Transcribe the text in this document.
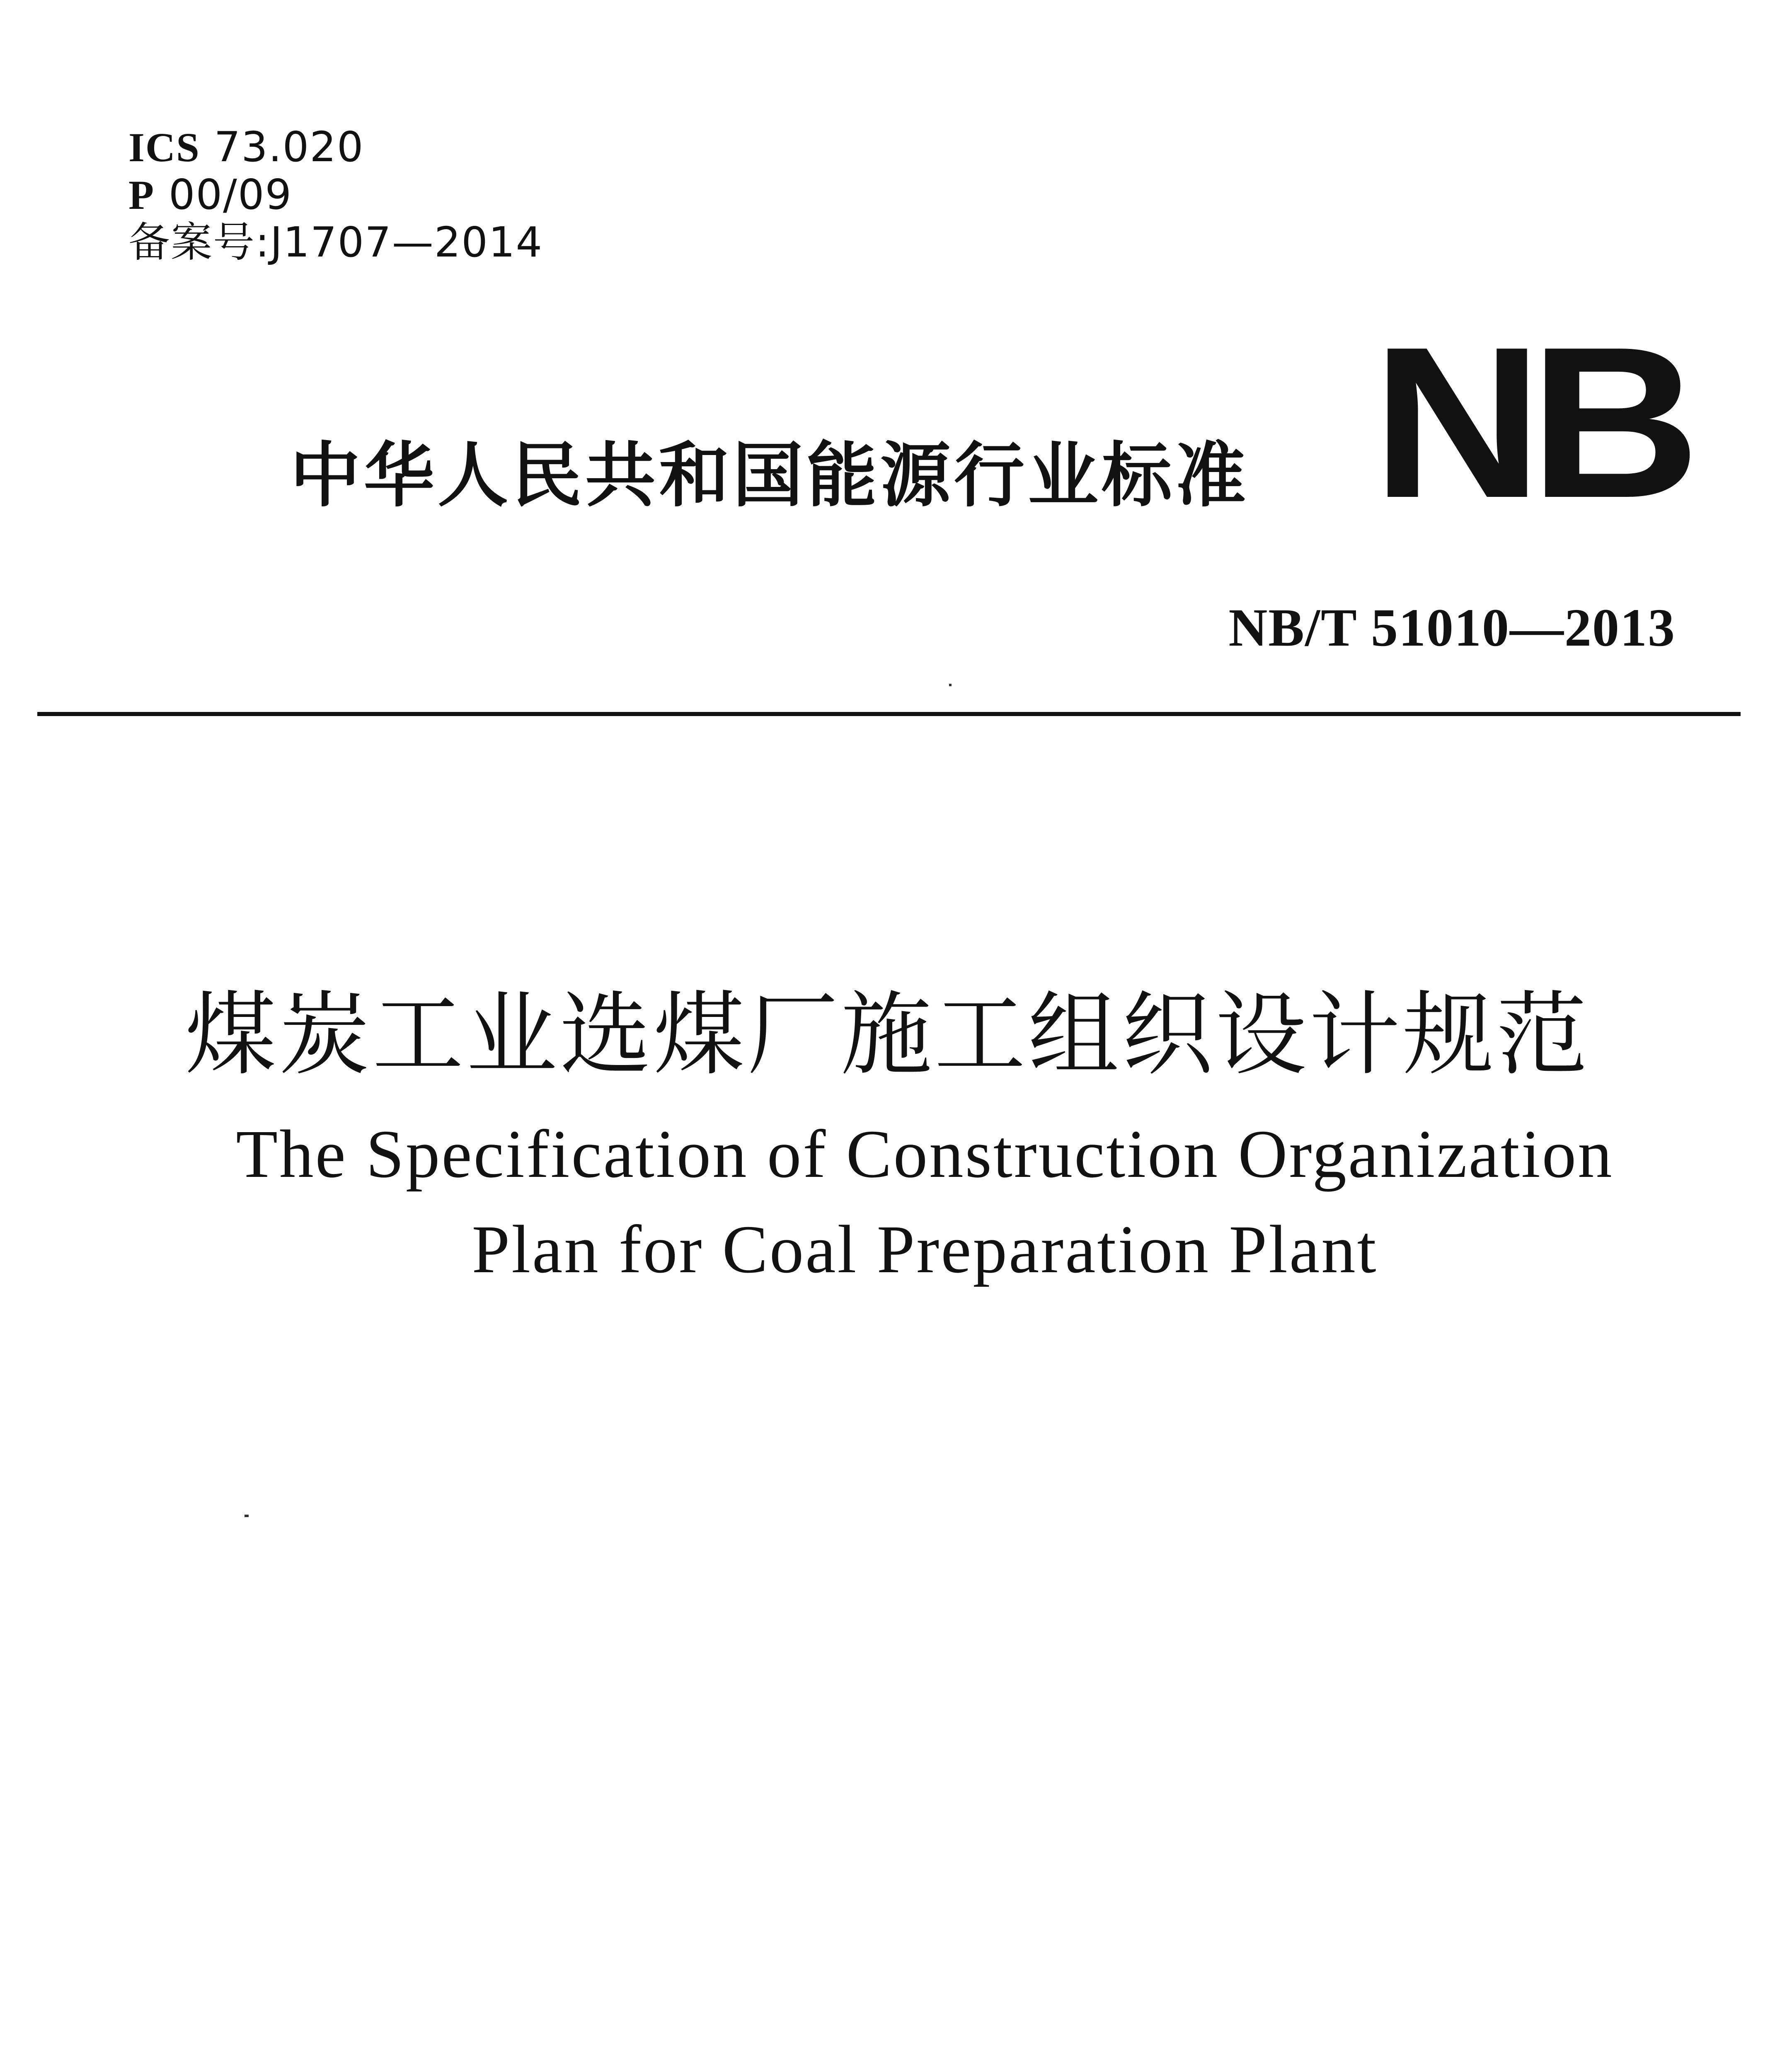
ICS 73.020
P 00/09
备案号:J1707—2014
中华人民共和国能源行业标准 NB
NB/T 51010—2013
煤炭工业选煤厂施工组织设计规范
The Specification of Construction Organization
Plan for Coal Preparation Plant
